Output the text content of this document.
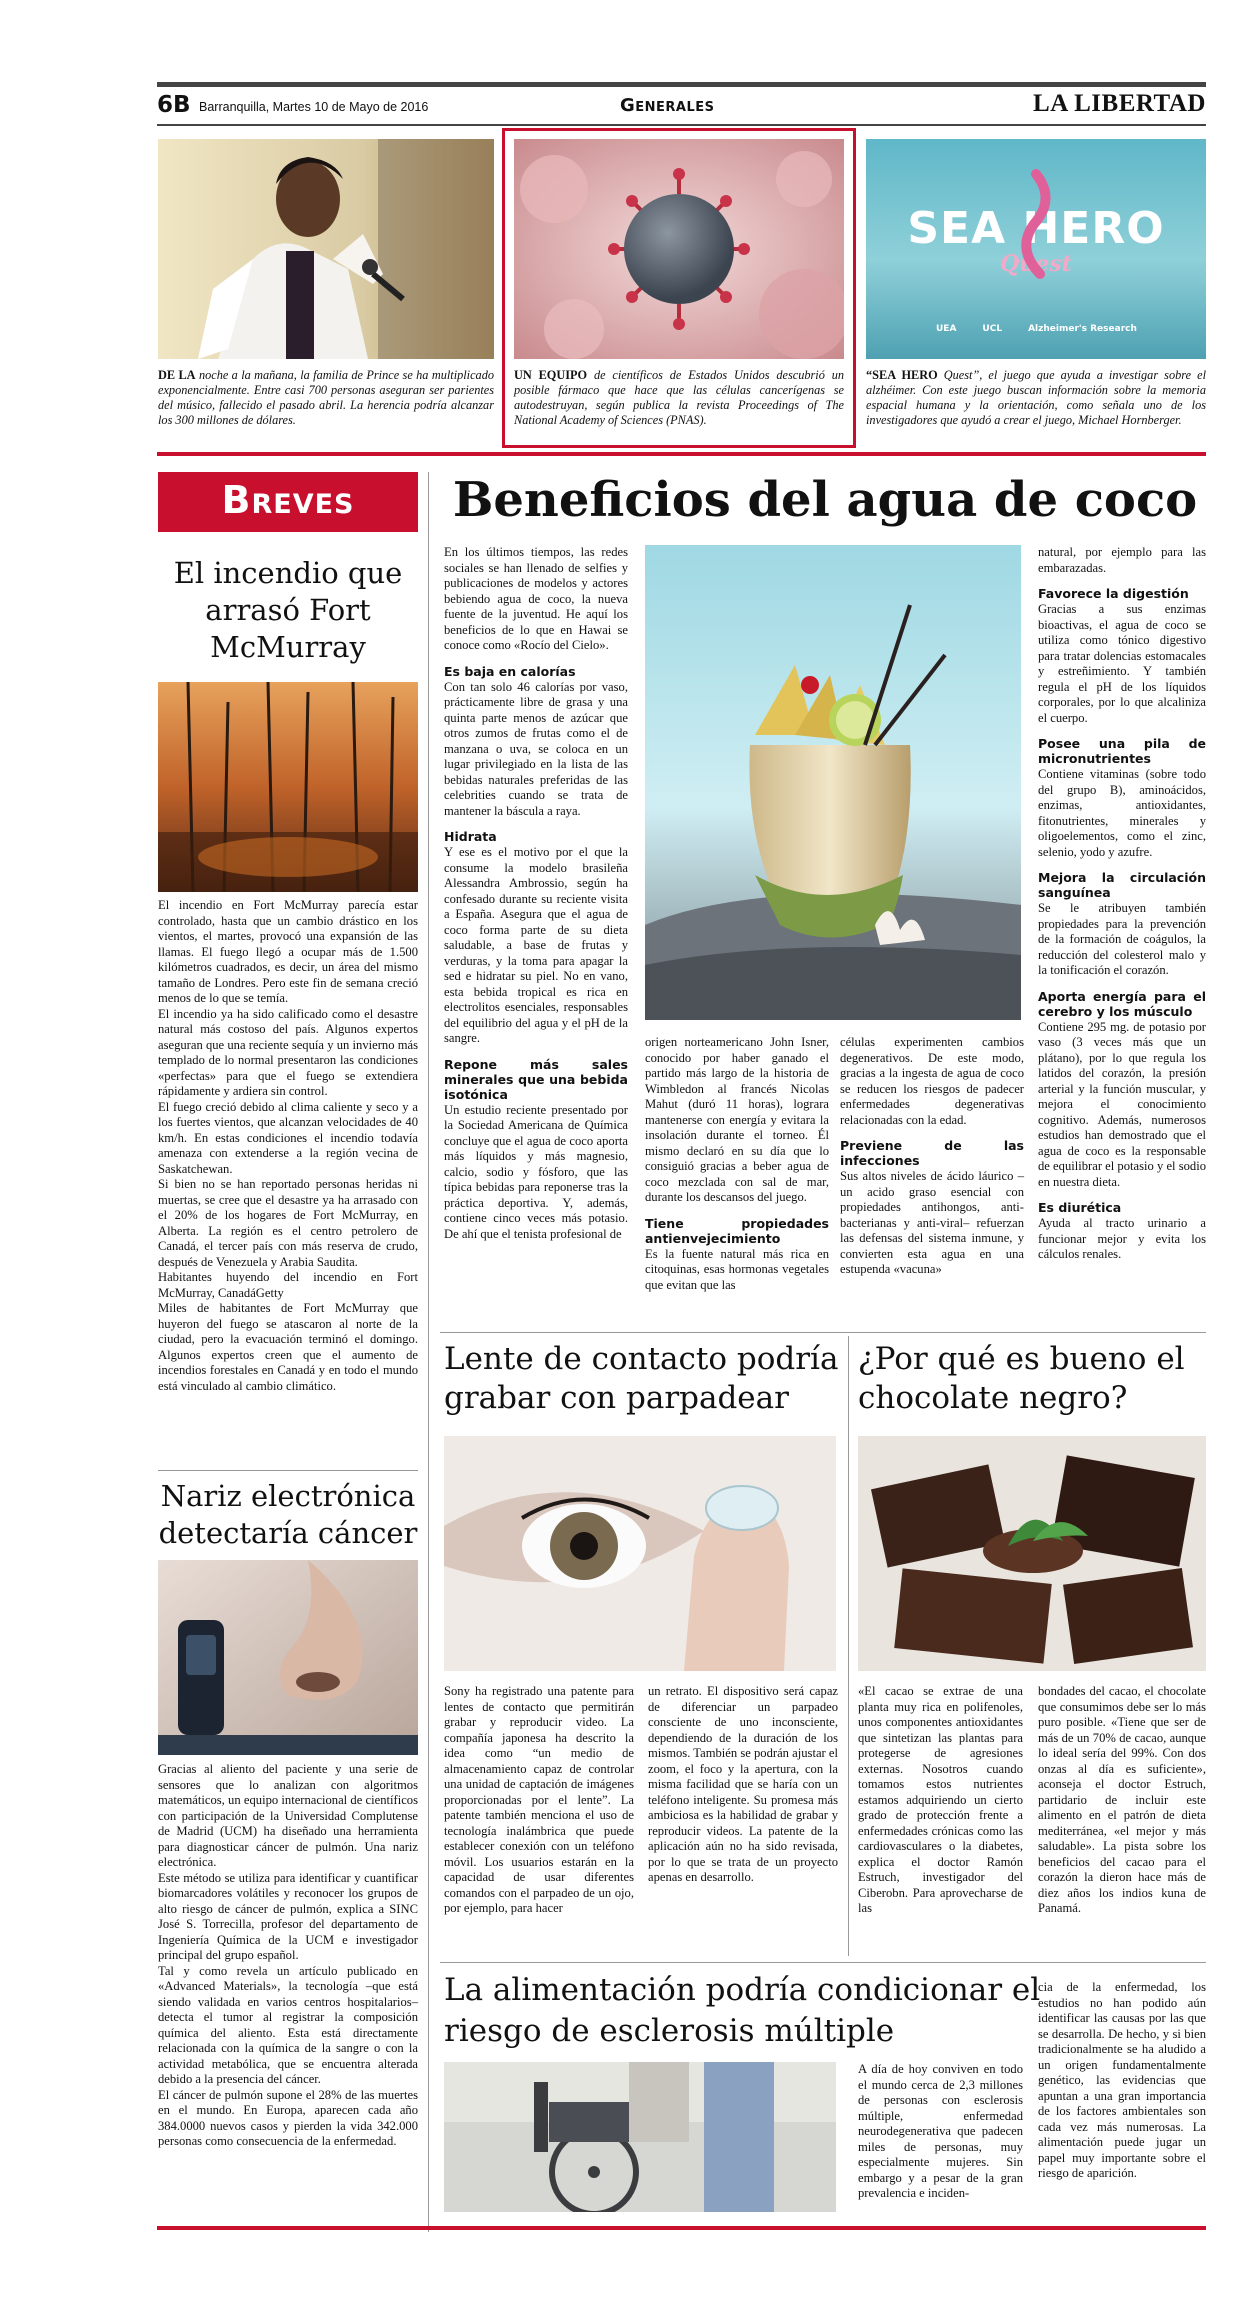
6B Barranquilla, Martes 10 de Mayo de 2016	Generales	LA LIBERTAD
DE LA noche a la mañana, la familia de Prince se ha multiplicado exponencialmente. Entre casi 700 personas aseguran ser parientes del músico, fallecido el pasado abril. La herencia podría alcanzar los 300 millones de dólares.
UN EQUIPO de científicos de Estados Unidos descubrió un posible fármaco que hace que las células cancerígenas se autodestruyan, según publica la revista Proceedings of The National Academy of Sciences (PNAS).
SEA HERO
Quest
UEA	UCL	Alzheimer's Research
“SEA HERO Quest”, el juego que ayuda a investigar sobre el alzhéimer. Con este juego buscan información sobre la memoria espacial humana y la orientación, como señala uno de los investigadores que ayudó a crear el juego, Michael Hornberger.
Breves
El incendio que arrasó Fort McMurray

El incendio en Fort McMurray parecía estar controlado, hasta que un cambio drástico en los vientos, el martes, provocó una expansión de las llamas. El fuego llegó a ocupar más de 1.500 kilómetros cuadrados, es decir, un área del mismo tamaño de Londres. Pero este fin de semana creció menos de lo que se temía.

El incendio ya ha sido calificado como el desastre natural más costoso del país. Algunos expertos aseguran que una reciente sequía y un invierno más templado de lo normal presentaron las condiciones «perfectas» para que el fuego se extendiera rápidamente y ardiera sin control.

El fuego creció debido al clima caliente y seco y a los fuertes vientos, que alcanzan velocidades de 40 km/h. En estas condiciones el incendio todavía amenaza con extenderse a la región vecina de Saskatchewan.

Si bien no se han reportado personas heridas ni muertas, se cree que el desastre ya ha arrasado con el 20% de los hogares de Fort McMurray, en Alberta. La región es el centro petrolero de Canadá, el tercer país con más reserva de crudo, después de Venezuela y Arabia Saudita.

Habitantes huyendo del incendio en Fort McMurray, CanadáGetty

Miles de habitantes de Fort McMurray que huyeron del fuego se atascaron al norte de la ciudad, pero la evacuación terminó el domingo. Algunos expertos creen que el aumento de incendios forestales en Canadá y en todo el mundo está vinculado al cambio climático.

Nariz electrónica detectaría cáncer

Gracias al aliento del paciente y una serie de sensores que lo analizan con algoritmos matemáticos, un equipo internacional de científicos con participación de la Universidad Complutense de Madrid (UCM) ha diseñado una herramienta para diagnosticar cáncer de pulmón. Una nariz electrónica.

Este método se utiliza para identificar y cuantificar biomarcadores volátiles y reconocer los grupos de alto riesgo de cáncer de pulmón, explica a SINC José S. Torrecilla, profesor del departamento de Ingeniería Química de la UCM e investigador principal del grupo español.

Tal y como revela un artículo publicado en «Advanced Materials», la tecnología –que está siendo validada en varios centros hospitalarios– detecta el tumor al registrar la composición química del aliento. Esta está directamente relacionada con la química de la sangre o con la actividad metabólica, que se encuentra alterada debido a la presencia del cáncer.

El cáncer de pulmón supone el 28% de las muertes en el mundo. En Europa, aparecen cada año 384.0000 nuevos casos y pierden la vida 342.000 personas como consecuencia de la enfermedad.

Beneficios del agua de coco

En los últimos tiempos, las redes sociales se han llenado de selfies y publicaciones de modelos y actores bebiendo agua de coco, la nueva fuente de la juventud. He aquí los beneficios de lo que en Hawai se conoce como «Rocío del Cielo».

Es baja en calorías

Con tan solo 46 calorías por vaso, prácticamente libre de grasa y una quinta parte menos de azúcar que otros zumos de frutas como el de manzana o uva, se coloca en un lugar privilegiado en la lista de las bebidas naturales preferidas de las celebrities cuando se trata de mantener la báscula a raya.

Hidrata

Y ese es el motivo por el que la consume la modelo brasileña Alessandra Ambrossio, según ha confesado durante su reciente visita a España. Asegura que el agua de coco forma parte de su dieta saludable, a base de frutas y verduras, y la toma para apagar la sed e hidratar su piel. No en vano, esta bebida tropical es rica en electrolitos esenciales, responsables del equilibrio del agua y el pH de la sangre.

Repone más sales minerales que una bebida isotónica

Un estudio reciente presentado por la Sociedad Americana de Química concluye que el agua de coco aporta más líquidos y más magnesio, calcio, sodio y fósforo, que las típica bebidas para reponerse tras la práctica deportiva. Y, además, contiene cinco veces más potasio. De ahí que el tenista profesional de

origen norteamericano John Isner, conocido por haber ganado el partido más largo de la historia de Wimbledon al francés Nicolas Mahut (duró 11 horas), lograra mantenerse con energía y evitara la insolación durante el torneo. Él mismo declaró en su día que lo consiguió gracias a beber agua de coco mezclada con sal de mar, durante los descansos del juego.

Tiene propiedades antienvejecimiento

Es la fuente natural más rica en citoquinas, esas hormonas vegetales que evitan que las

células experimenten cambios degenerativos. De este modo, gracias a la ingesta de agua de coco se reducen los riesgos de padecer enfermedades degenerativas relacionadas con la edad.

Previene de las infecciones

Sus altos niveles de ácido láurico –un acido graso esencial con propiedades antihongos, anti-bacterianas y anti-viral– refuerzan las defensas del sistema inmune, y convierten esta agua en una estupenda «vacuna»

natural, por ejemplo para las embarazadas.

Favorece la digestión

Gracias a sus enzimas bioactivas, el agua de coco se utiliza como tónico digestivo para tratar dolencias estomacales y estreñimiento. Y también regula el pH de los líquidos corporales, por lo que alcaliniza el cuerpo.

Posee una pila de micronutrientes

Contiene vitaminas (sobre todo del grupo B), aminoácidos, enzimas, antioxidantes, fitonutrientes, minerales y oligoelementos, como el zinc, selenio, yodo y azufre.

Mejora la circulación sanguínea

Se le atribuyen también propiedades para la prevención de la formación de coágulos, la reducción del colesterol malo y la tonificación el corazón.

Aporta energía para el cerebro y los músculo

Contiene 295 mg. de potasio por vaso (3 veces más que un plátano), por lo que regula los latidos del corazón, la presión arterial y la función muscular, y mejora el conocimiento cognitivo. Además, numerosos estudios han demostrado que el agua de coco es la responsable de equilibrar el potasio y el sodio en nuestra dieta.

Es diurética

Ayuda al tracto urinario a funcionar mejor y evita los cálculos renales.

Lente de contacto podría grabar con parpadear

Sony ha registrado una patente para lentes de contacto que permitirán grabar y reproducir video. La compañía japonesa ha descrito la idea como “un medio de almacenamiento capaz de controlar una unidad de captación de imágenes proporcionadas por el lente”. La patente también menciona el uso de tecnología inalámbrica que puede establecer conexión con un teléfono móvil. Los usuarios estarán en la capacidad de usar diferentes comandos con el parpadeo de un ojo, por ejemplo, para hacer

un retrato. El dispositivo será capaz de diferenciar un parpadeo consciente de uno inconsciente, dependiendo de la duración de los mismos. También se podrán ajustar el zoom, el foco y la apertura, con la misma facilidad que se haría con un teléfono inteligente. Su promesa más ambiciosa es la habilidad de grabar y reproducir videos. La patente de la aplicación aún no ha sido revisada, por lo que se trata de un proyecto apenas en desarrollo.

¿Por qué es bueno el chocolate negro?

«El cacao se extrae de una planta muy rica en polifenoles, unos componentes antioxidantes que sintetizan las plantas para protegerse de agresiones externas. Nosotros cuando tomamos estos nutrientes estamos adquiriendo un cierto grado de protección frente a enfermedades crónicas como las cardiovasculares o la diabetes, explica el doctor Ramón Estruch, investigador del Ciberobn. Para aprovecharse de las

bondades del cacao, el chocolate que consumimos debe ser lo más puro posible. «Tiene que ser de más de un 70% de cacao, aunque lo ideal sería del 99%. Con dos onzas al día es suficiente», aconseja el doctor Estruch, partidario de incluir este alimento en el patrón de dieta mediterránea, «el mejor y más saludable». La pista sobre los beneficios del cacao para el corazón la dieron hace más de diez años los indios kuna de Panamá.

La alimentación podría condicionar el riesgo de esclerosis múltiple

A día de hoy conviven en todo el mundo cerca de 2,3 millones de personas con esclerosis múltiple, enfermedad neurodegenerativa que padecen miles de personas, muy especialmente mujeres. Sin embargo y a pesar de la gran prevalencia e inciden-

cia de la enfermedad, los estudios no han podido aún identificar las causas por las que se desarrolla. De hecho, y si bien tradicionalmente se ha aludido a un origen fundamentalmente genético, las evidencias que apuntan a una gran importancia de los factores ambientales son cada vez más numerosas. La alimentación puede jugar un papel muy importante sobre el riesgo de aparición.
